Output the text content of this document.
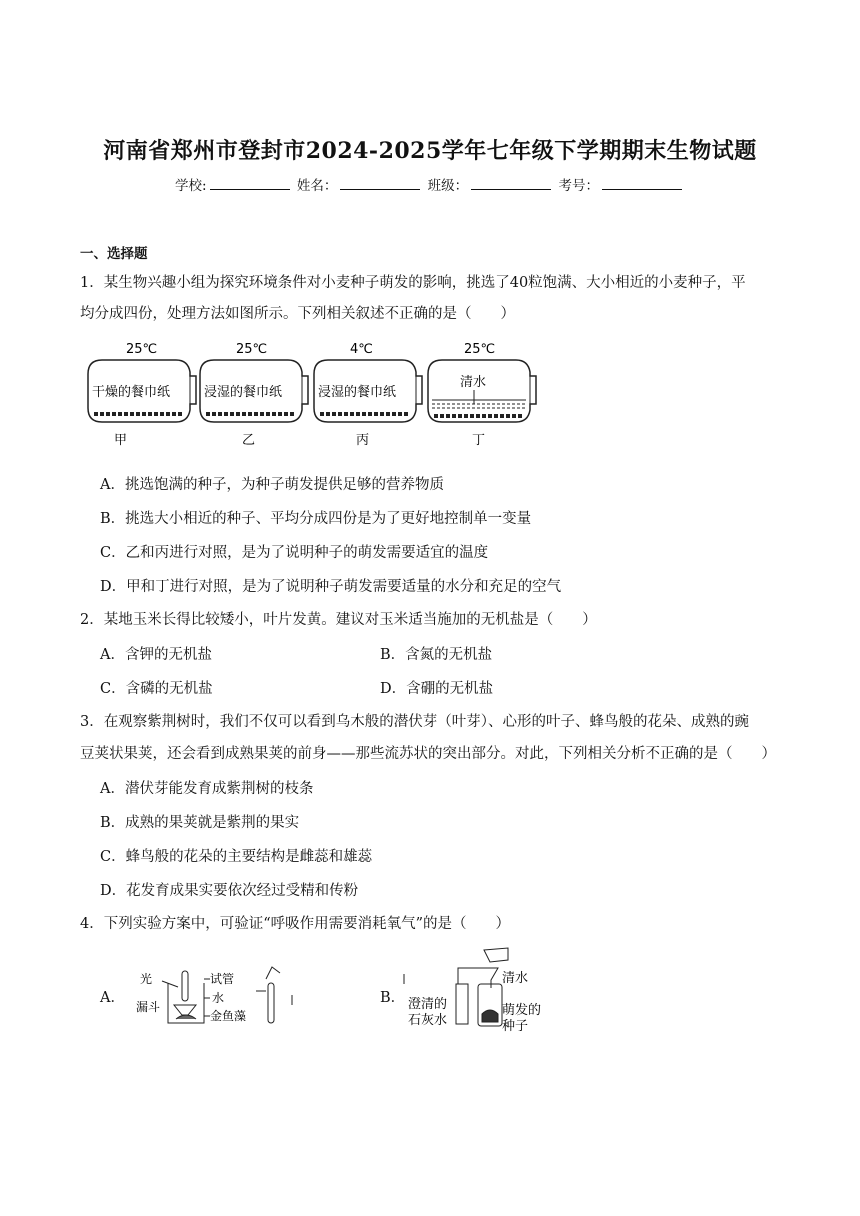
河南省郑州市登封市2024-2025学年七年级下学期期末生物试题
学校:	姓名：	班级：	考号：
一、选择题
1．某生物兴趣小组为探究环境条件对小麦种子萌发的影响，挑选了40粒饱满、大小相近的小麦种子，平
均分成四份，处理方法如图所示。下列相关叙述不正确的是（　　）
25℃
干燥的餐巾纸
甲
25℃
浸湿的餐巾纸
乙
4℃
浸湿的餐巾纸
丙
25℃
清水
丁
A．挑选饱满的种子，为种子萌发提供足够的营养物质
B．挑选大小相近的种子、平均分成四份是为了更好地控制单一变量
C．乙和丙进行对照，是为了说明种子的萌发需要适宜的温度
D．甲和丁进行对照，是为了说明种子萌发需要适量的水分和充足的空气
2．某地玉米长得比较矮小，叶片发黄。建议对玉米适当施加的无机盐是（　　）
A．含钾的无机盐	B．含氮的无机盐
C．含磷的无机盐	D．含硼的无机盐
3．在观察紫荆树时，我们不仅可以看到乌木般的潜伏芽（叶芽）、心形的叶子、蜂鸟般的花朵、成熟的豌
豆荚状果荚，还会看到成熟果荚的前身——那些流苏状的突出部分。对此，下列相关分析不正确的是（　　）
A．潜伏芽能发育成紫荆树的枝条
B．成熟的果荚就是紫荆的果实
C．蜂鸟般的花朵的主要结构是雌蕊和雄蕊
D．花发育成果实要依次经过受精和传粉
4．下列实验方案中，可验证“呼吸作用需要消耗氧气”的是（　　）
A．
光	试管
漏斗
水
金鱼藻
B．
清水
澄清的
石灰水
萌发的
种子
